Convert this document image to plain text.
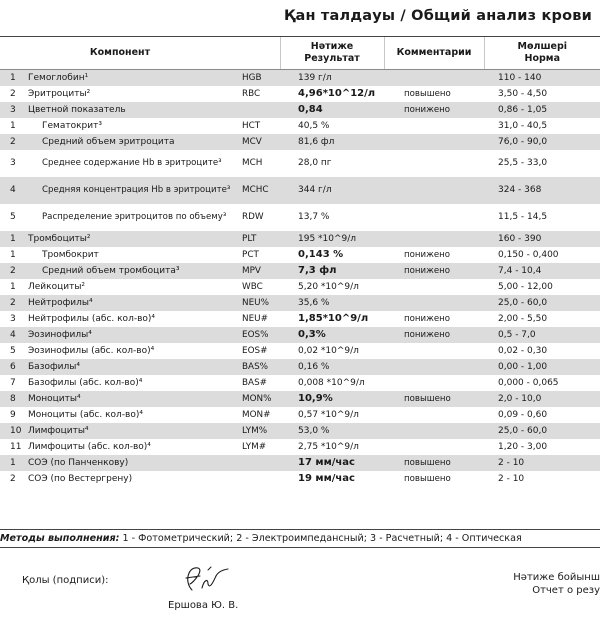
Қан талдауы / Общий анализ крови
Компонент			Нәтиже
Результат	Комментарии	Мөлшері
Норма
1	Гемоглобин¹	HGB	139 г/л		110 - 140
2	Эритроциты²	RBC	4,96*10^12/л	повышено	3,50 - 4,50
3	Цветной показатель		0,84	понижено	0,86 - 1,05
1	Гематокрит³	HCT	40,5 %		31,0 - 40,5
2	Средний объем эритроцита	MCV	81,6 фл		76,0 - 90,0
3	Среднее содержание Hb в эритроците³	MCH	28,0 пг		25,5 - 33,0
4	Средняя концентрация Hb в эритроците³	MCHC	344 г/л		324 - 368
5	Распределение эритроцитов по объему³	RDW	13,7 %		11,5 - 14,5
1	Тромбоциты²	PLT	195 *10^9/л		160 - 390
1	Тромбокрит	PCT	0,143 %	понижено	0,150 - 0,400
2	Средний объем тромбоцита³	MPV	7,3 фл	понижено	7,4 - 10,4
1	Лейкоциты²	WBC	5,20 *10^9/л		5,00 - 12,00
2	Нейтрофилы⁴	NEU%	35,6 %		25,0 - 60,0
3	Нейтрофилы (абс. кол-во)⁴	NEU#	1,85*10^9/л	понижено	2,00 - 5,50
4	Эозинофилы⁴	EOS%	0,3%	понижено	0,5 - 7,0
5	Эозинофилы (абс. кол-во)⁴	EOS#	0,02 *10^9/л		0,02 - 0,30
6	Базофилы⁴	BAS%	0,16 %		0,00 - 1,00
7	Базофилы (абс. кол-во)⁴	BAS#	0,008 *10^9/л		0,000 - 0,065
8	Моноциты⁴	MON%	10,9%	повышено	2,0 - 10,0
9	Моноциты (абс. кол-во)⁴	MON#	0,57 *10^9/л		0,09 - 0,60
10	Лимфоциты⁴	LYM%	53,0 %		25,0 - 60,0
11	Лимфоциты (абс. кол-во)⁴	LYM#	2,75 *10^9/л		1,20 - 3,00
1	СОЭ (по Панченкову)		17 мм/час	повышено	2 - 10
2	СОЭ (по Вестергрену)		19 мм/час	повышено	2 - 10
Методы выполнения: 1 - Фотометрический; 2 - Электроимпедансный; 3 - Расчетный; 4 - Оптическая
Қолы (подписи):
Ершова Ю. В.
Нәтиже бойынш
Отчет о резу
